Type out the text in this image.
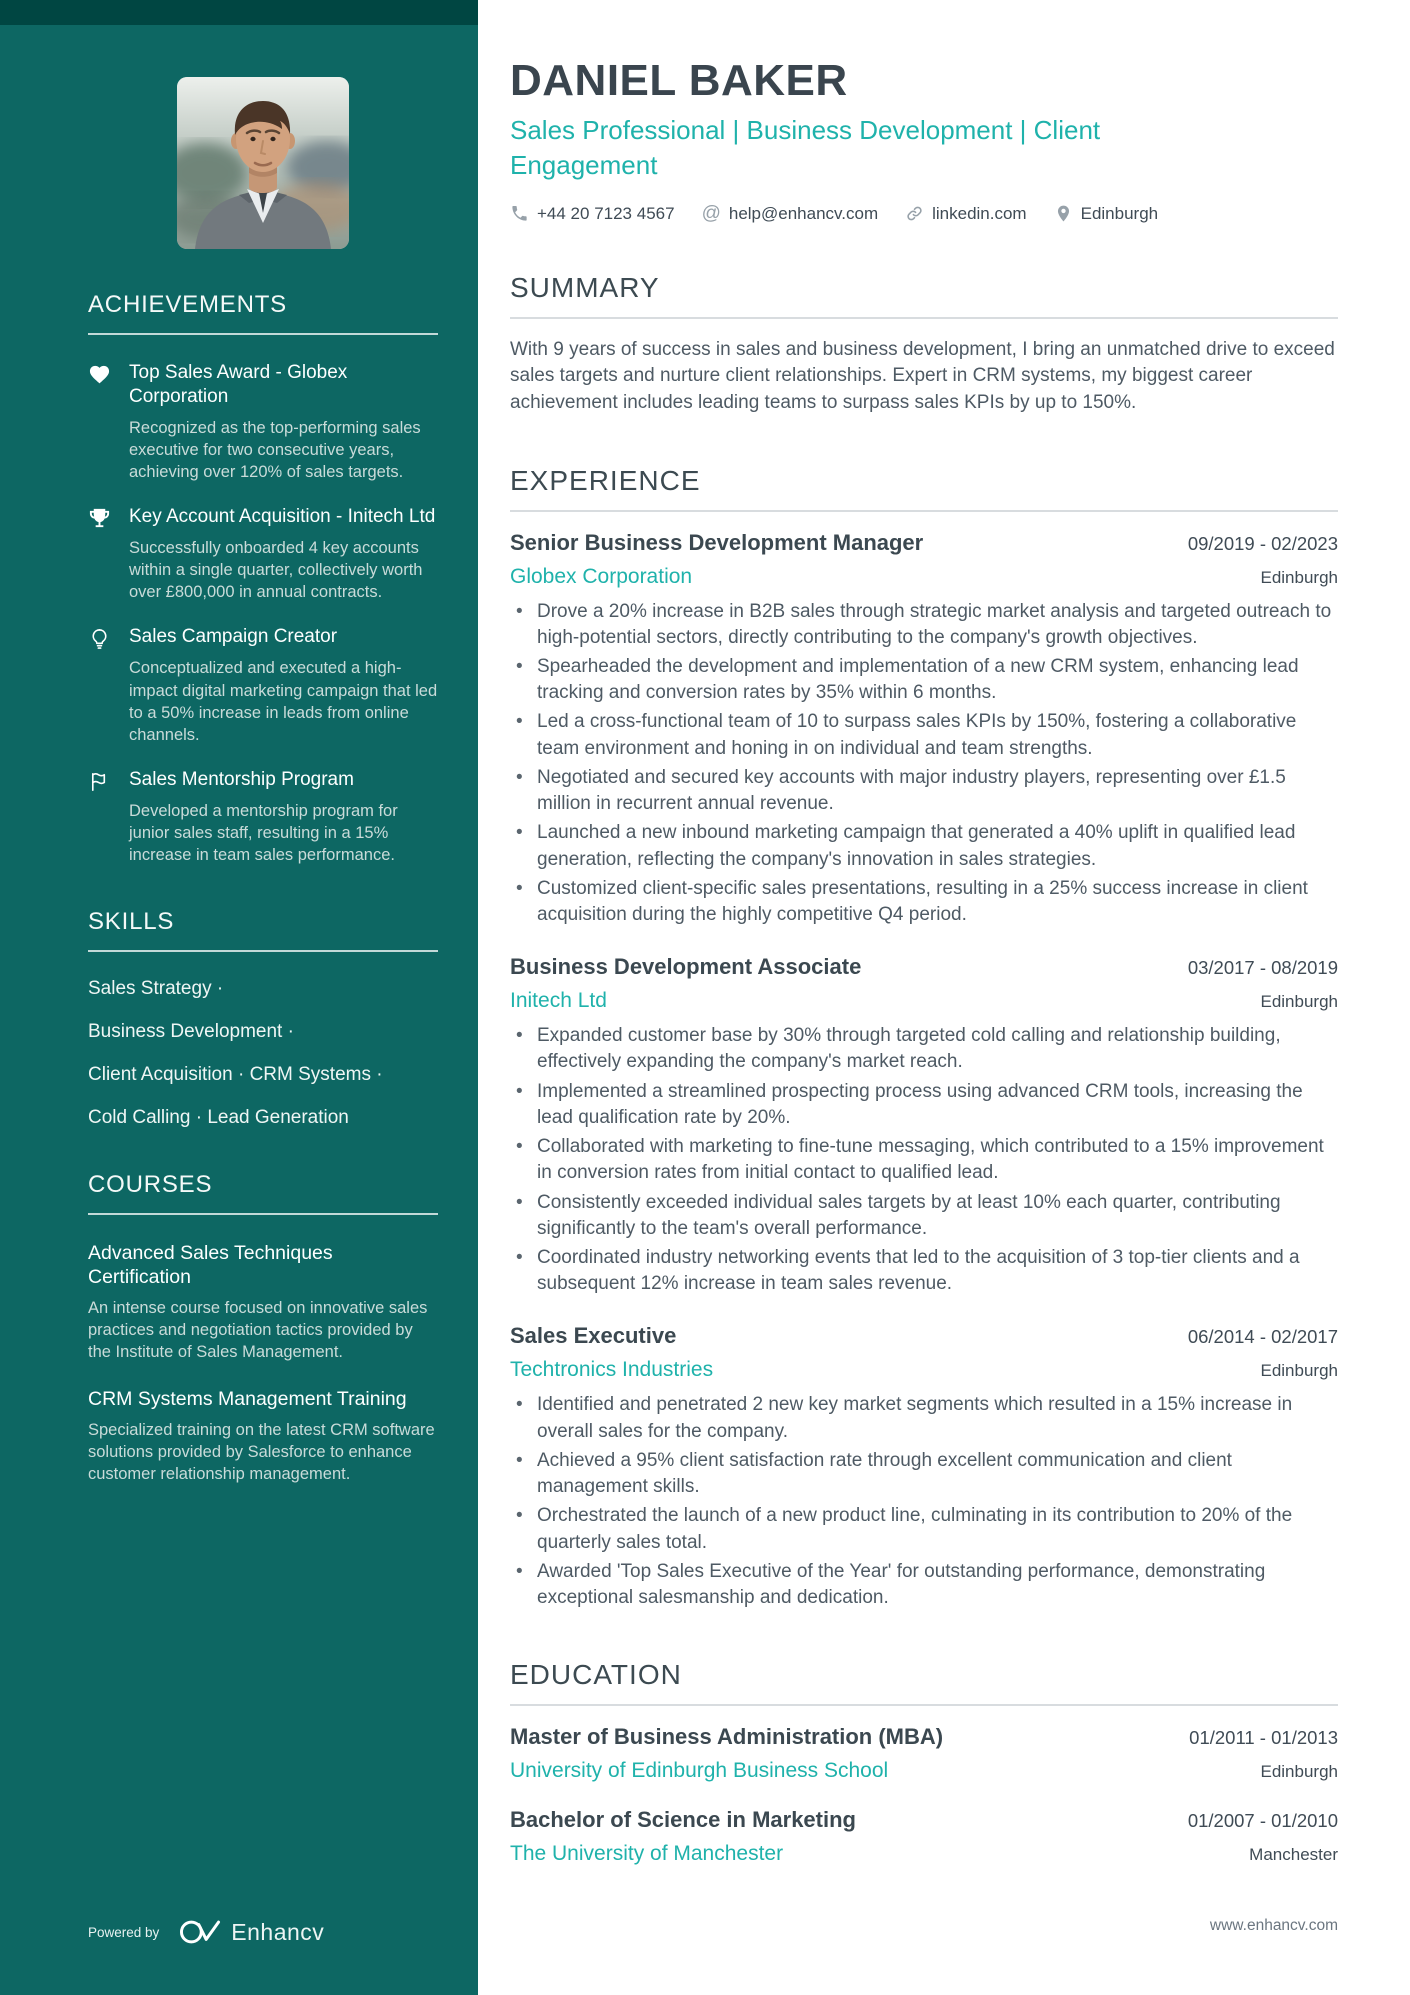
ACHIEVEMENTS
Top Sales Award - Globex Corporation
Recognized as the top-performing sales executive for two consecutive years, achieving over 120% of sales targets.
Key Account Acquisition - Initech Ltd
Successfully onboarded 4 key accounts within a single quarter, collectively worth over £800,000 in annual contracts.
Sales Campaign Creator
Conceptualized and executed a high-impact digital marketing campaign that led to a 50% increase in leads from online channels.
Sales Mentorship Program
Developed a mentorship program for junior sales staff, resulting in a 15% increase in team sales performance.
SKILLS
Sales Strategy ·
Business Development ·
Client Acquisition · CRM Systems ·
Cold Calling · Lead Generation
COURSES
Advanced Sales Techniques Certification
An intense course focused on innovative sales practices and negotiation tactics provided by the Institute of Sales Management.
CRM Systems Management Training
Specialized training on the latest CRM software solutions provided by Salesforce to enhance customer relationship management.
Powered by	Enhancv
DANIEL BAKER
Sales Professional | Business Development | Client Engagement
+44 20 7123 4567 @ help@enhancv.com	linkedin.com	Edinburgh
SUMMARY

With 9 years of success in sales and business development, I bring an unmatched drive to exceed sales targets and nurture client relationships. Expert in CRM systems, my biggest career achievement includes leading teams to surpass sales KPIs by up to 150%.

EXPERIENCE
Senior Business Development Manager	09/2019 - 02/2023
Globex Corporation	Edinburgh
• Drove a 20% increase in B2B sales through strategic market analysis and targeted outreach to high-potential sectors, directly contributing to the company's growth objectives.
• Spearheaded the development and implementation of a new CRM system, enhancing lead tracking and conversion rates by 35% within 6 months.
• Led a cross-functional team of 10 to surpass sales KPIs by 150%, fostering a collaborative team environment and honing in on individual and team strengths.
• Negotiated and secured key accounts with major industry players, representing over £1.5 million in recurrent annual revenue.
• Launched a new inbound marketing campaign that generated a 40% uplift in qualified lead generation, reflecting the company's innovation in sales strategies.
• Customized client-specific sales presentations, resulting in a 25% success increase in client acquisition during the highly competitive Q4 period.
Business Development Associate	03/2017 - 08/2019
Initech Ltd	Edinburgh
• Expanded customer base by 30% through targeted cold calling and relationship building, effectively expanding the company's market reach.
• Implemented a streamlined prospecting process using advanced CRM tools, increasing the lead qualification rate by 20%.
• Collaborated with marketing to fine-tune messaging, which contributed to a 15% improvement in conversion rates from initial contact to qualified lead.
• Consistently exceeded individual sales targets by at least 10% each quarter, contributing significantly to the team's overall performance.
• Coordinated industry networking events that led to the acquisition of 3 top-tier clients and a subsequent 12% increase in team sales revenue.
Sales Executive	06/2014 - 02/2017
Techtronics Industries	Edinburgh
• Identified and penetrated 2 new key market segments which resulted in a 15% increase in overall sales for the company.
• Achieved a 95% client satisfaction rate through excellent communication and client management skills.
• Orchestrated the launch of a new product line, culminating in its contribution to 20% of the quarterly sales total.
• Awarded 'Top Sales Executive of the Year' for outstanding performance, demonstrating exceptional salesmanship and dedication.
EDUCATION
Master of Business Administration (MBA)	01/2011 - 01/2013
University of Edinburgh Business School	Edinburgh
Bachelor of Science in Marketing	01/2007 - 01/2010
The University of Manchester	Manchester
www.enhancv.com
